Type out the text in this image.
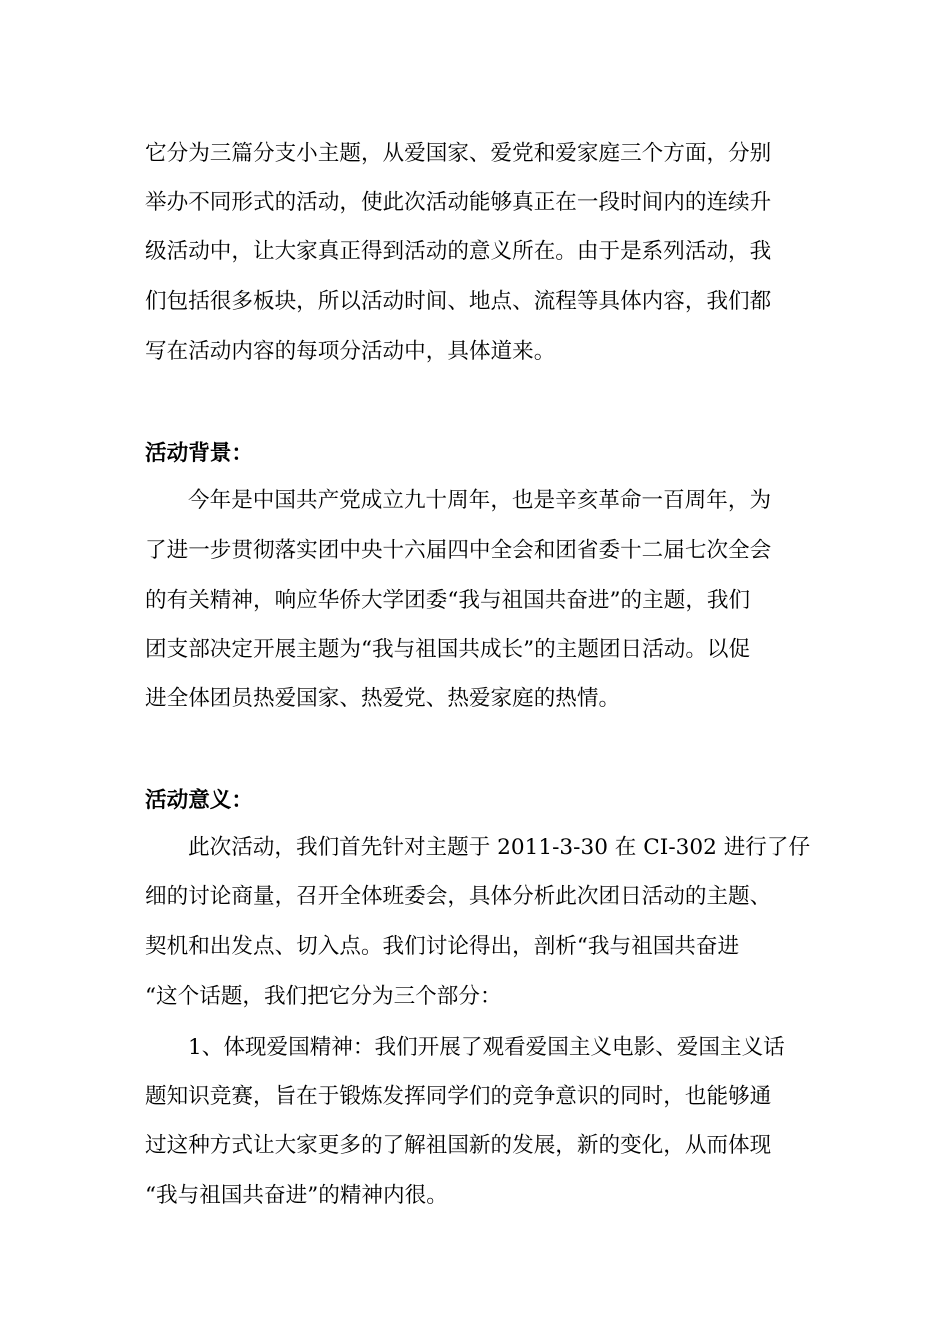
它分为三篇分支小主题，从爱国家、爱党和爱家庭三个方面，分别
举办不同形式的活动，使此次活动能够真正在一段时间内的连续升
级活动中，让大家真正得到活动的意义所在。由于是系列活动，我
们包括很多板块，所以活动时间、地点、流程等具体内容，我们都
写在活动内容的每项分活动中，具体道来。
活动背景：
今年是中国共产党成立九十周年，也是辛亥革命一百周年，为
了进一步贯彻落实团中央十六届四中全会和团省委十二届七次全会
的有关精神，响应华侨大学团委“我与祖国共奋进”的主题，我们
团支部决定开展主题为“我与祖国共成长”的主题团日活动。以促
进全体团员热爱国家、热爱党、热爱家庭的热情。
活动意义：
此次活动，我们首先针对主题于 2011-3-30 在 CI-302 进行了仔
细的讨论商量，召开全体班委会，具体分析此次团日活动的主题、
契机和出发点、切入点。我们讨论得出，剖析“我与祖国共奋进
“这个话题，我们把它分为三个部分：
1、体现爱国精神：我们开展了观看爱国主义电影、爱国主义话
题知识竞赛，旨在于锻炼发挥同学们的竞争意识的同时，也能够通
过这种方式让大家更多的了解祖国新的发展，新的变化，从而体现
“我与祖国共奋进”的精神内很。
